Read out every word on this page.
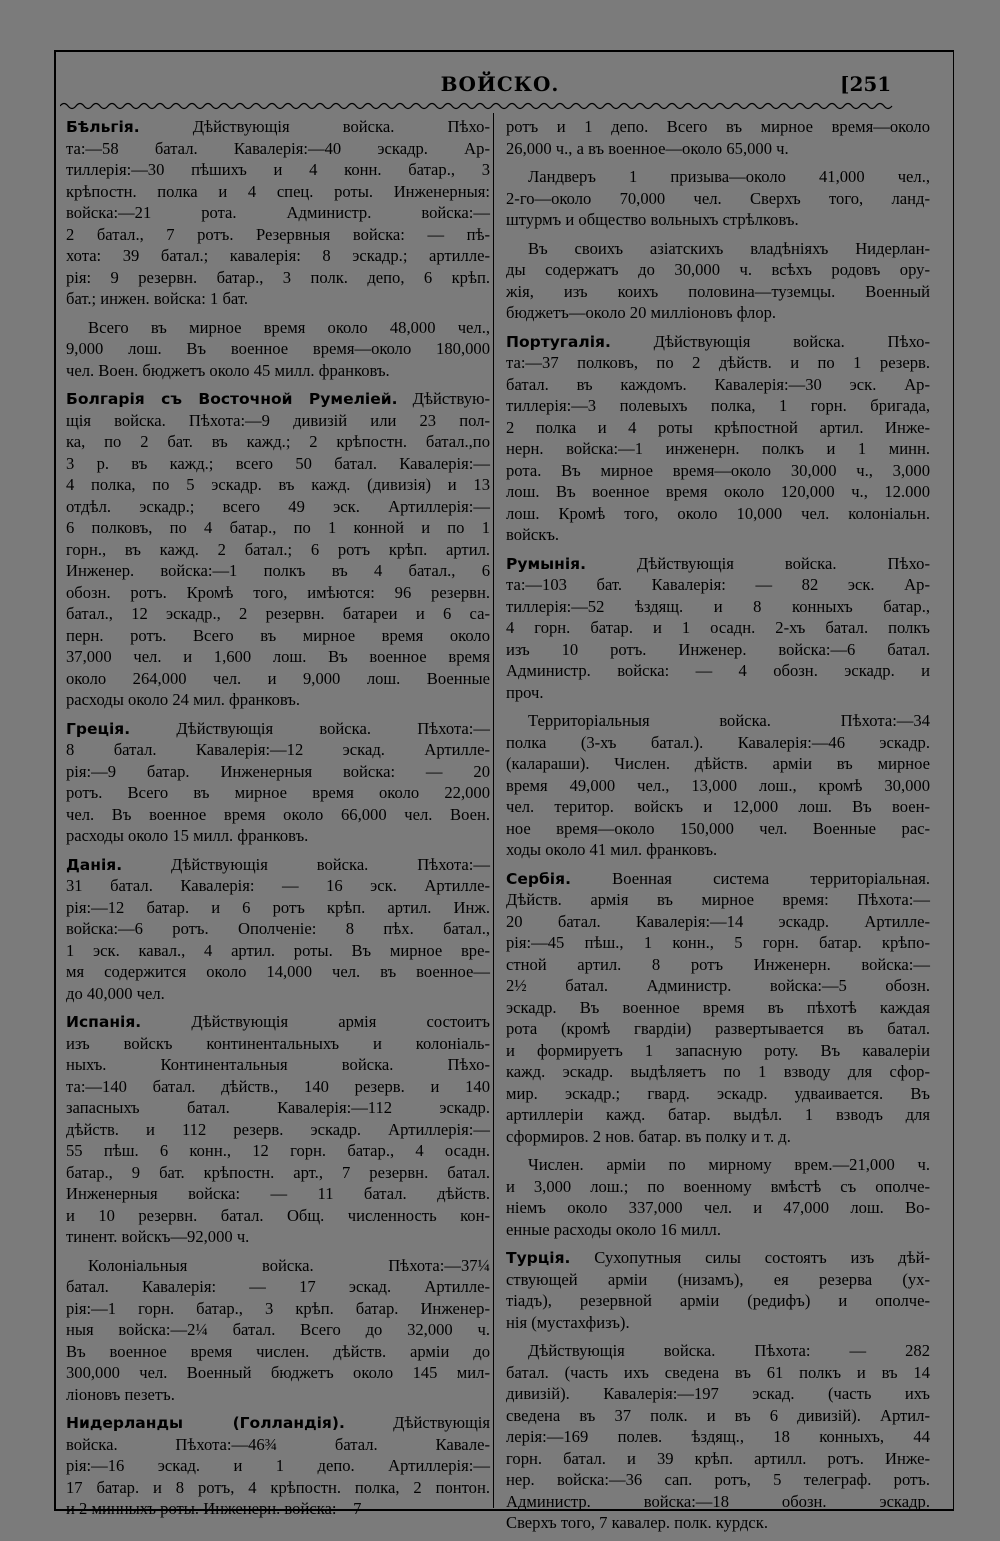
ВОЙСКО.	[251
Бѣльгія. Дѣйствующія войска. Пѣхо-
та:—58 батал. Кавалерія:—40 эскадр. Ар-
тиллерія:—30 пѣшихъ и 4 конн. батар., 3
крѣпостн. полка и 4 спец. роты. Инженерныя:
войска:—21 рота. Администр. войска:—
2 батал., 7 ротъ. Резервныя войска: — пѣ-
хота: 39 батал.; кавалерія: 8 эскадр.; артилле-
рія: 9 резервн. батар., 3 полк. депо, 6 крѣп.
бат.; инжен. войска: 1 бат.
Всего въ мирное время около 48,000 чел.,
9,000 лош. Въ военное время—около 180,000
чел. Воен. бюджетъ около 45 милл. франковъ.
Болгарія съ Восточной Румеліей. Дѣйствую-
щія войска. Пѣхота:—9 дивизій или 23 пол-
ка, по 2 бат. въ кажд.; 2 крѣпостн. батал.,по
3 р. въ кажд.; всего 50 батал. Кавалерія:—
4 полка, по 5 эскадр. въ кажд. (дивизія) и 13
отдѣл. эскадр.; всего 49 эск. Артиллерія:—
6 полковъ, по 4 батар., по 1 конной и по 1
горн., въ кажд. 2 батал.; 6 ротъ крѣп. артил.
Инженер. войска:—1 полкъ въ 4 батал., 6
обозн. ротъ. Кромѣ того, имѣются: 96 резервн.
батал., 12 эскадр., 2 резервн. батареи и 6 са-
перн. ротъ. Всего въ мирное время около
37,000 чел. и 1,600 лош. Въ военное время
около 264,000 чел. и 9,000 лош. Военные
расходы около 24 мил. франковъ.
Греція. Дѣйствующія войска. Пѣхота:—
8 батал. Кавалерія:—12 эскад. Артилле-
рія:—9 батар. Инженерныя войска: — 20
ротъ. Всего въ мирное время около 22,000
чел. Въ военное время около 66,000 чел. Воен.
расходы около 15 милл. франковъ.
Данія. Дѣйствующія войска. Пѣхота:—
31 батал. Кавалерія: — 16 эск. Артилле-
рія:—12 батар. и 6 ротъ крѣп. артил. Инж.
войска:—6 ротъ. Ополченіе: 8 пѣх. батал.,
1 эск. кавал., 4 артил. роты. Въ мирное вре-
мя содержится около 14,000 чел. въ военное—
до 40,000 чел.
Испанія. Дѣйствующія армія состоитъ
изъ войскъ континентальныхъ и колоніаль-
ныхъ. Континентальныя войска. Пѣхо-
та:—140 батал. дѣйств., 140 резерв. и 140
запасныхъ батал. Кавалерія:—112 эскадр.
дѣйств. и 112 резерв. эскадр. Артиллерія:—
55 пѣш. 6 конн., 12 горн. батар., 4 осадн.
батар., 9 бат. крѣпостн. арт., 7 резервн. батал.
Инженерныя войска: — 11 батал. дѣйств.
и 10 резервн. батал. Общ. численность кон-
тинент. войскъ—92,000 ч.
Колоніальныя войска. Пѣхота:—37¼
батал. Кавалерія: — 17 эскад. Артилле-
рія:—1 горн. батар., 3 крѣп. батар. Инженер-
ныя войска:—2¼ батал. Всего до 32,000 ч.
Въ военное время числен. дѣйств. арміи до
300,000 чел. Военный бюджетъ около 145 мил-
ліоновъ пезетъ.
Нидерланды (Голландія). Дѣйствующія
войска. Пѣхота:—46¾ батал. Кавале-
рія:—16 эскад. и 1 депо. Артиллерія:—
17 батар. и 8 ротъ, 4 крѣпостн. полка, 2 понтон.
и 2 минныхъ роты. Инженерн. войска:—7
ротъ и 1 депо. Всего въ мирное время—около
26,000 ч., а въ военное—около 65,000 ч.
Ландверъ 1 призыва—около 41,000 чел.,
2-го—около 70,000 чел. Сверхъ того, ланд-
штурмъ и общество вольныхъ стрѣлковъ.
Въ своихъ азіатскихъ владѣніяхъ Нидерлан-
ды содержатъ до 30,000 ч. всѣхъ родовъ ору-
жія, изъ коихъ половина—туземцы. Военный
бюджетъ—около 20 милліоновъ флор.
Португалія. Дѣйствующія войска. Пѣхо-
та:—37 полковъ, по 2 дѣйств. и по 1 резерв.
батал. въ каждомъ. Кавалерія:—30 эск. Ар-
тиллерія:—3 полевыхъ полка, 1 горн. бригада,
2 полка и 4 роты крѣпостной артил. Инже-
нерн. войска:—1 инженерн. полкъ и 1 минн.
рота. Въ мирное время—около 30,000 ч., 3,000
лош. Въ военное время около 120,000 ч., 12.000
лош. Кромѣ того, около 10,000 чел. колоніальн.
войскъ.
Румынія. Дѣйствующія войска. Пѣхо-
та:—103 бат. Кавалерія: — 82 эск. Ар-
тиллерія:—52 ѣздящ. и 8 конныхъ батар.,
4 горн. батар. и 1 осадн. 2-хъ батал. полкъ
изъ 10 ротъ. Инженер. войска:—6 батал.
Администр. войска: — 4 обозн. эскадр. и
проч.
Территоріальныя войска. Пѣхота:—34
полка (3-хъ батал.). Кавалерія:—46 эскадр.
(калараши). Числен. дѣйств. арміи въ мирное
время 49,000 чел., 13,000 лош., кромѣ 30,000
чел. територ. войскъ и 12,000 лош. Въ воен-
ное время—около 150,000 чел. Военные рас-
ходы около 41 мил. франковъ.
Сербія. Военная система территоріальная.
Дѣйств. армія въ мирное время: Пѣхота:—
20 батал. Кавалерія:—14 эскадр. Артилле-
рія:—45 пѣш., 1 конн., 5 горн. батар. крѣпо-
стной артил. 8 ротъ Инженерн. войска:—
2½ батал. Администр. войска:—5 обозн.
эскадр. Въ военное время въ пѣхотѣ каждая
рота (кромѣ гвардіи) развертывается въ батал.
и формируетъ 1 запасную роту. Въ кавалеріи
кажд. эскадр. выдѣляетъ по 1 взводу для сфор-
мир. эскадр.; гвард. эскадр. удваивается. Въ
артиллеріи кажд. батар. выдѣл. 1 взводъ для
сформиров. 2 нов. батар. въ полку и т. д.
Числен. арміи по мирному врем.—21,000 ч.
и 3,000 лош.; по военному вмѣстѣ съ ополче-
ніемъ около 337,000 чел. и 47,000 лош. Во-
енные расходы около 16 милл.
Турція. Сухопутныя силы состоятъ изъ дѣй-
ствующей арміи (низамъ), ея резерва (ух-
тіадъ), резервной арміи (редифъ) и ополче-
нія (мустахфизъ).
Дѣйствующія войска. Пѣхота: — 282
батал. (часть ихъ сведена въ 61 полкъ и въ 14
дивизій). Кавалерія:—197 эскад. (часть ихъ
сведена въ 37 полк. и въ 6 дивизій). Артил-
лерія:—169 полев. ѣздящ., 18 конныхъ, 44
горн. батал. и 39 крѣп. артилл. ротъ. Инже-
нер. войска:—36 сап. ротъ, 5 телеграф. ротъ.
Администр. войска:—18 обозн. эскадр.
Сверхъ того, 7 кавалер. полк. курдск.
